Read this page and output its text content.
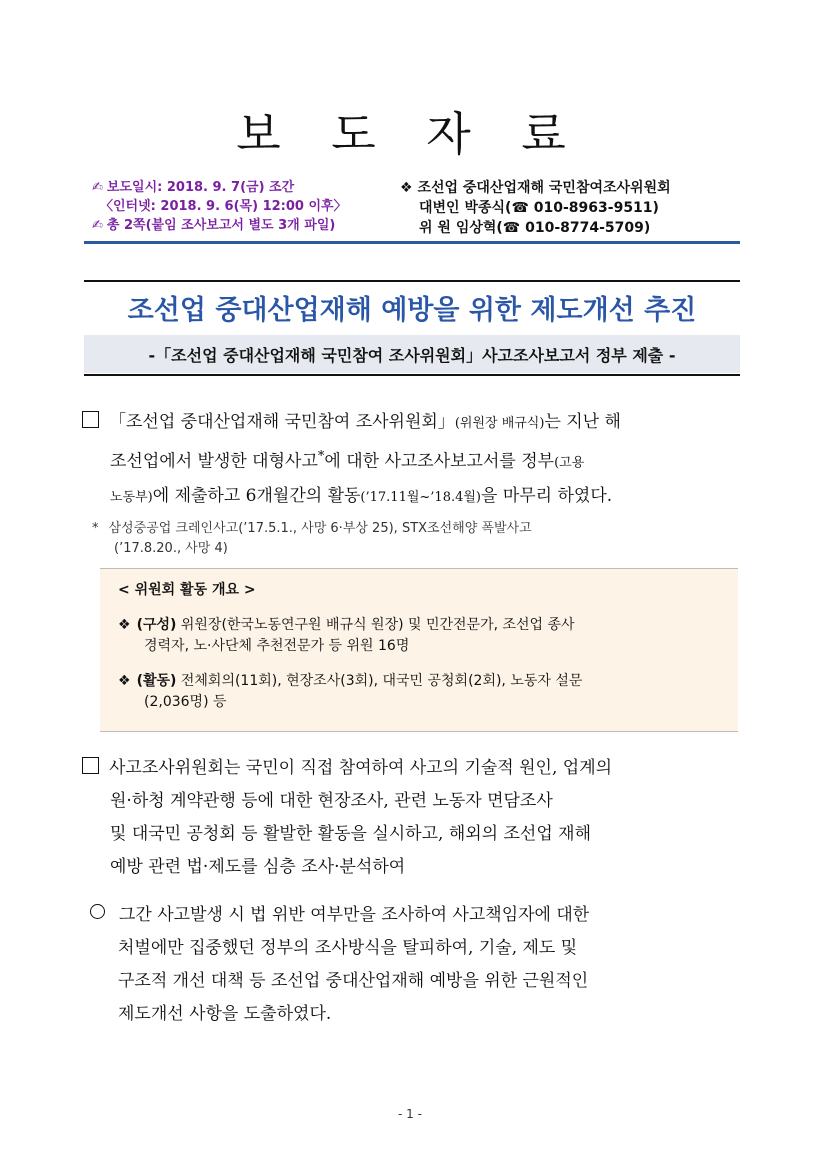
보 도 자 료
✍ 보도일시: 2018. 9. 7(금) 조간
〈인터넷: 2018. 9. 6(목) 12:00 이후〉
✍ 총 2쪽(붙임 조사보고서 별도 3개 파일)
❖ 조선업 중대산업재해 국민참여조사위원회
대변인 박종식(☎ 010-8963-9511)
위 원 임상혁(☎ 010-8774-5709)
조선업 중대산업재해 예방을 위한 제도개선 추진
-「조선업 중대산업재해 국민참여 조사위원회」사고조사보고서 정부 제출 -
「조선업 중대산업재해 국민참여 조사위원회」(위원장 배규식)는 지난 해
조선업에서 발생한 대형사고*에 대한 사고조사보고서를 정부(고용
노동부)에 제출하고 6개월간의 활동(’17.11월~’18.4월)을 마무리 하였다.
* 삼성중공업 크레인사고(’17.5.1., 사망 6·부상 25), STX조선해양 폭발사고
(’17.8.20., 사망 4)
< 위원회 활동 개요 >
❖ (구성) 위원장(한국노동연구원 배규식 원장) 및 민간전문가, 조선업 종사
경력자, 노·사단체 추천전문가 등 위원 16명
❖ (활동) 전체회의(11회), 현장조사(3회), 대국민 공청회(2회), 노동자 설문
(2,036명) 등
사고조사위원회는 국민이 직접 참여하여 사고의 기술적 원인, 업계의
원·하청 계약관행 등에 대한 현장조사, 관련 노동자 면담조사
및 대국민 공청회 등 활발한 활동을 실시하고, 해외의 조선업 재해
예방 관련 법·제도를 심층 조사·분석하여
그간 사고발생 시 법 위반 여부만을 조사하여 사고책임자에 대한
처벌에만 집중했던 정부의 조사방식을 탈피하여, 기술, 제도 및
구조적 개선 대책 등 조선업 중대산업재해 예방을 위한 근원적인
제도개선 사항을 도출하였다.
- 1 -
